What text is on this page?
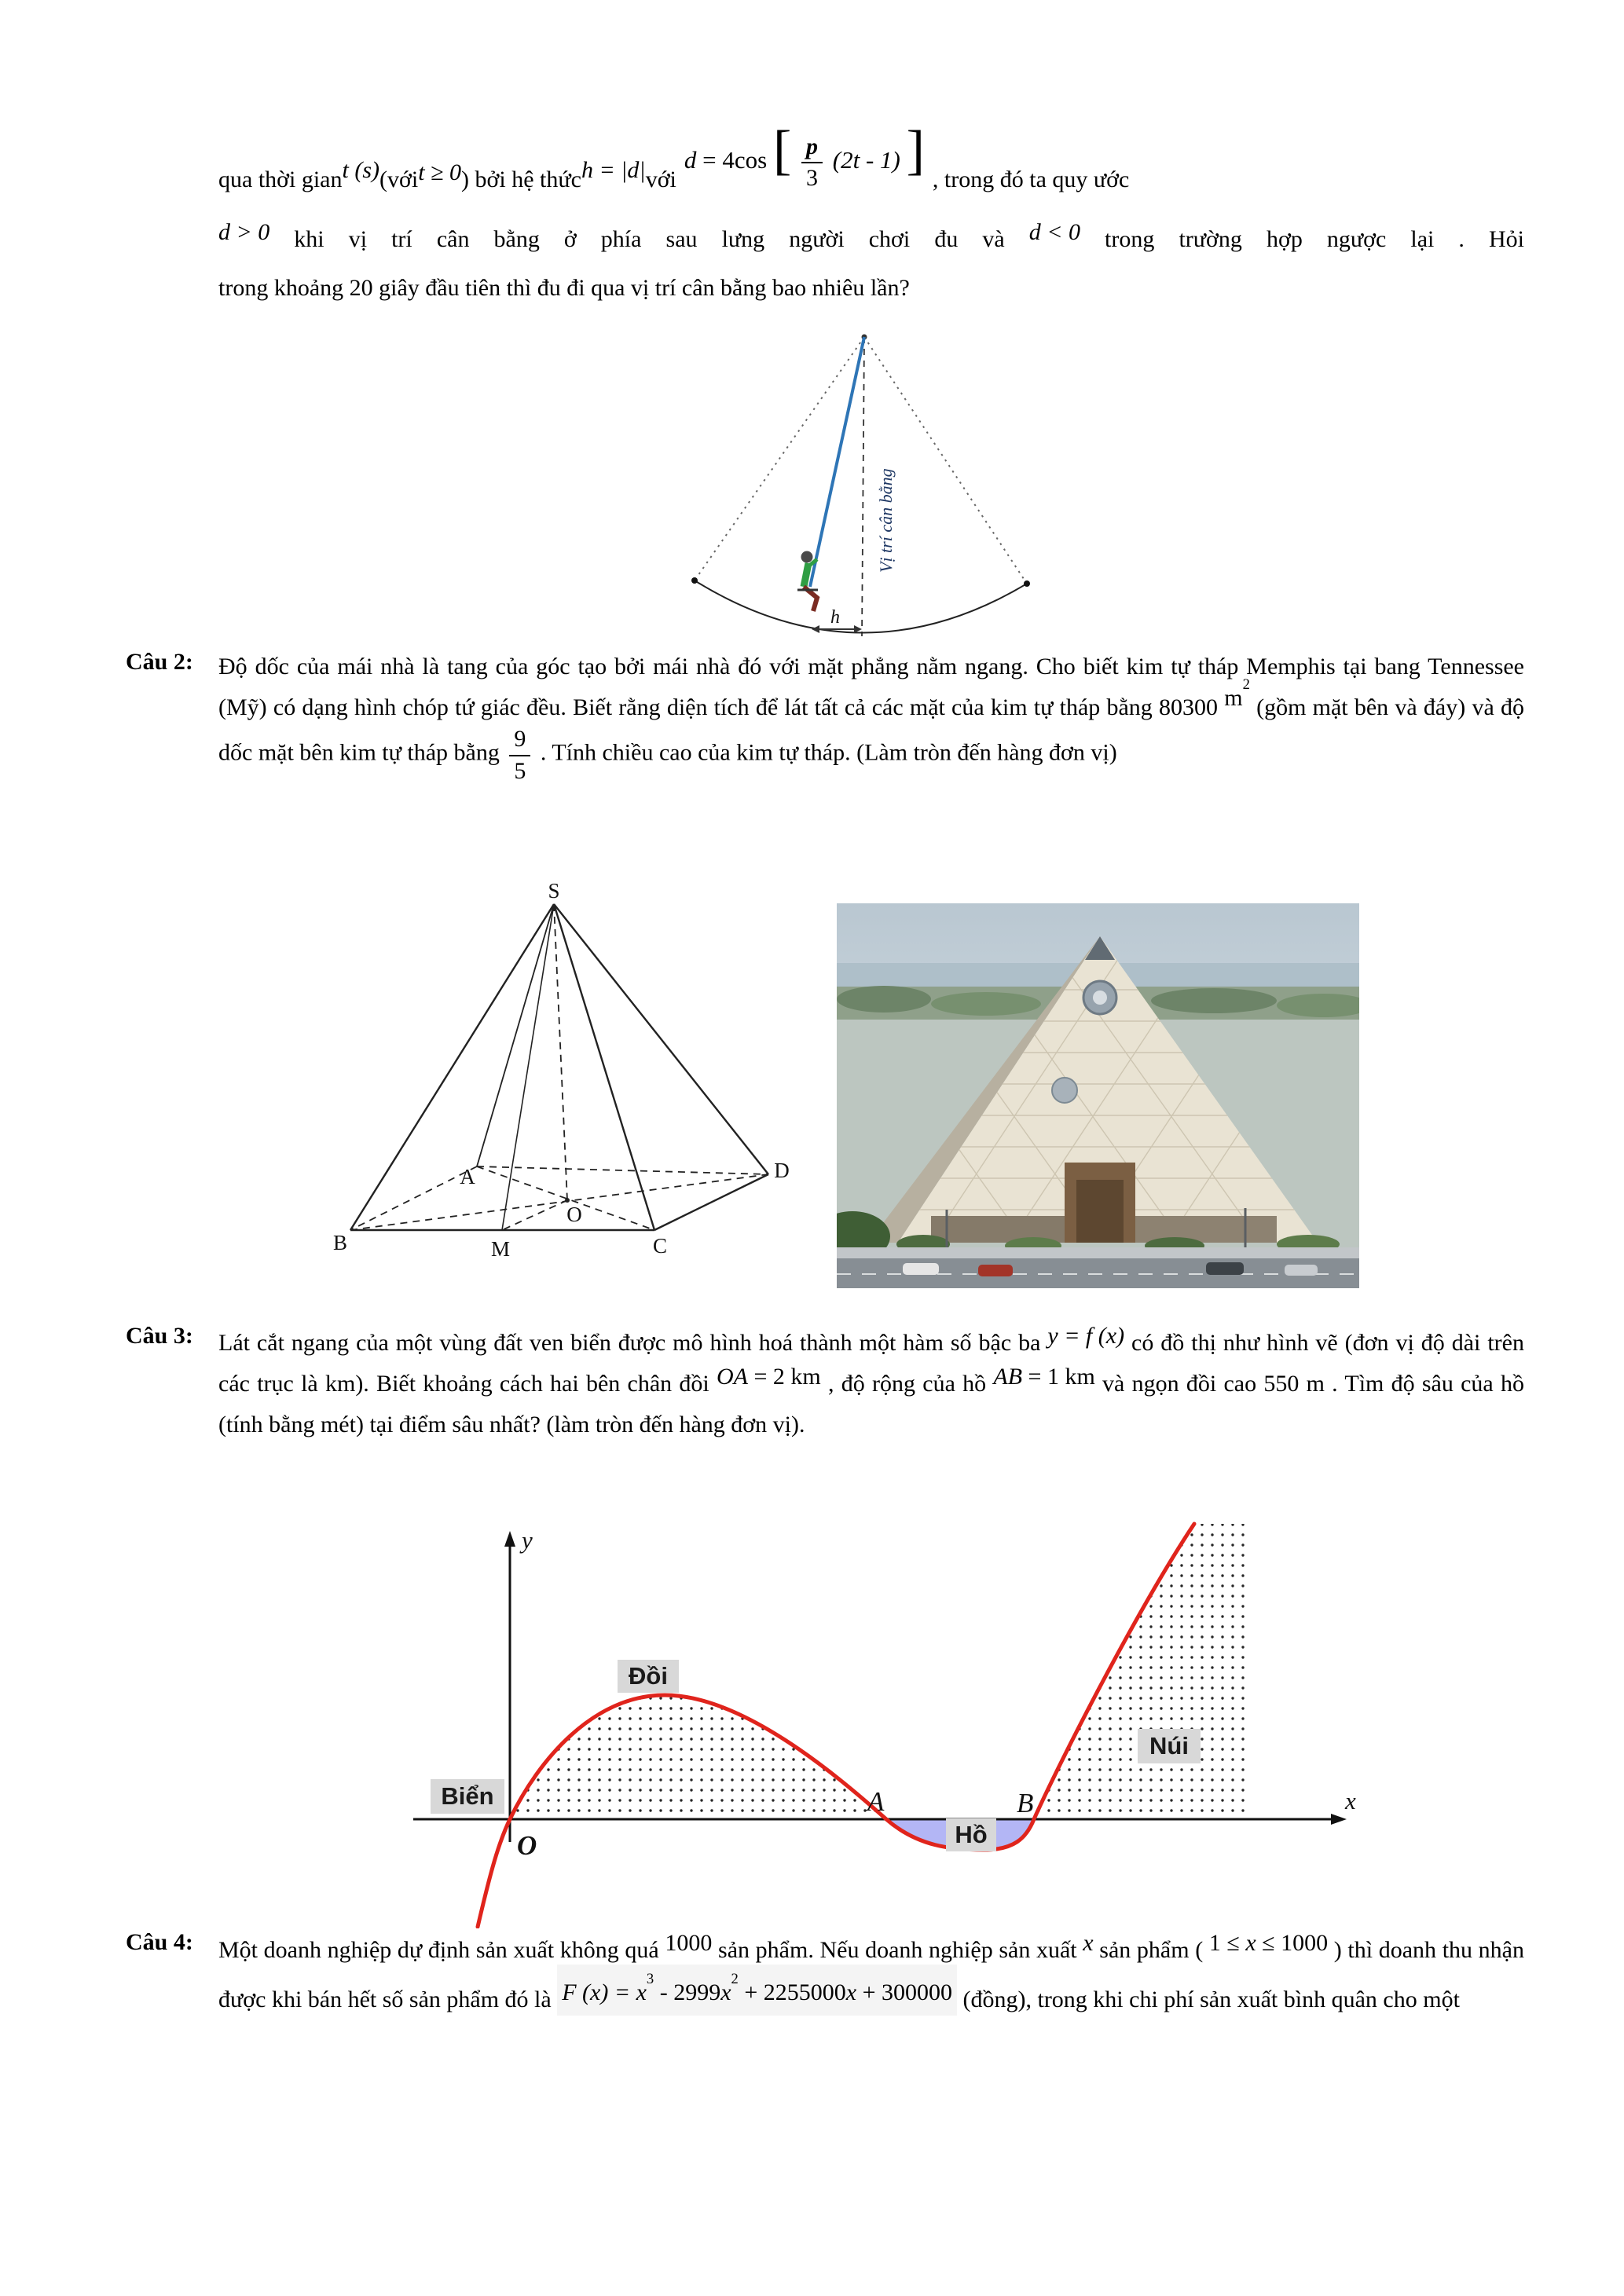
qua thời gian t (s) (với t ≥ 0 ) bởi hệ thức h = |d| với
d = 4cos [ $\frac{p}{3} (2t - 1)$ ] , trong đó ta quy ước
d > 0 khi vị trí cân bằng ở phía sau lưng người chơi đu và d < 0 trong trường hợp ngược lại . Hỏi
trong khoảng 20 giây đầu tiên thì đu đi qua vị trí cân bằng bao nhiêu lần?
h
Vị trí cân bằng
Câu 2: Độ dốc của mái nhà là tang của góc tạo bởi mái nhà đó với mặt phẳng nằm ngang. Cho biết kim tự tháp Memphis tại bang Tennessee (Mỹ) có dạng hình chóp tứ giác đều. Biết rằng diện tích để lát tất cả các mặt của kim tự tháp bằng 80300 $m^2$ (gồm mặt bên và đáy) và độ dốc mặt bên kim tự tháp bằng $\frac{9}{5}$ . Tính chiều cao của kim tự tháp. (Làm tròn đến hàng đơn vị)
S
A
B	C
D
O
M
Câu 3: Lát cắt ngang của một vùng đất ven biển được mô hình hoá thành một hàm số bậc ba y = f (x) có đồ thị như hình vẽ (đơn vị độ dài trên các trục là km). Biết khoảng cách hai bên chân đồi OA = 2 km , độ rộng của hồ AB = 1 km và ngọn đồi cao 550 m . Tìm độ sâu của hồ (tính bằng mét) tại điểm sâu nhất? (làm tròn đến hàng đơn vị).
Đồi
Núi
Biển
Hồ
A	B
O
x
y
Câu 4: Một doanh nghiệp dự định sản xuất không quá 1000 sản phẩm. Nếu doanh nghiệp sản xuất x sản phẩm ( 1 ≤ x ≤ 1000 ) thì doanh thu nhận được khi bán hết số sản phẩm đó là F $(x) = x^3 - 2999x^2 + 2255000x + 300000$ (đồng), trong khi chi phí sản xuất bình quân cho một
